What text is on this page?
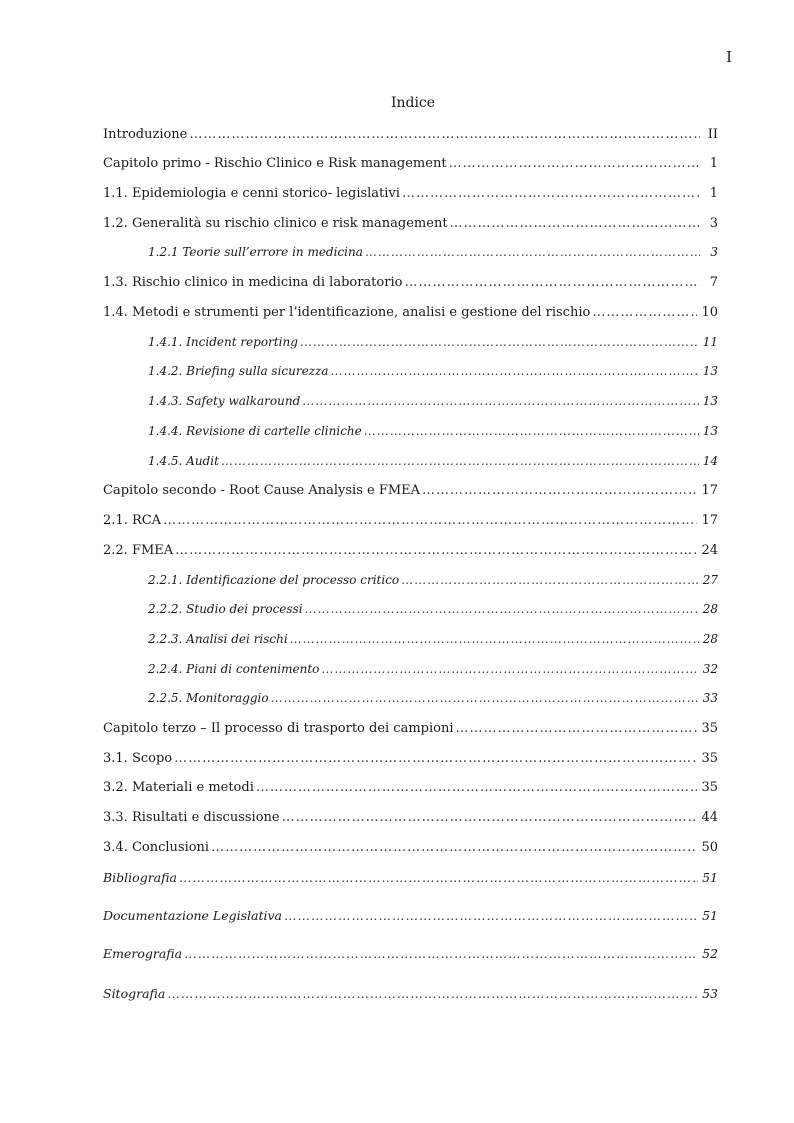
I
Indice
Introduzione …………………………………………………………………………………………………………………………………………………………………………………………	II
Capitolo primo - Rischio Clinico e Risk management …………………………………………………………………………………………………………………………………………………………………………………………	1
1.1. Epidemiologia e cenni storico- legislativi …………………………………………………………………………………………………………………………………………………………………………………………	1
1.2. Generalità su rischio clinico e risk management …………………………………………………………………………………………………………………………………………………………………………………………	3
1.2.1 Teorie sull’errore in medicina …………………………………………………………………………………………………………………………………………………………………………………………	3
1.3. Rischio clinico in medicina di laboratorio …………………………………………………………………………………………………………………………………………………………………………………………	7
1.4. Metodi e strumenti per l’identificazione, analisi e gestione del rischio …………………………………………………………………………………………………………………………………………………………………………………………	10
1.4.1. Incident reporting …………………………………………………………………………………………………………………………………………………………………………………………	11
1.4.2. Briefing sulla sicurezza …………………………………………………………………………………………………………………………………………………………………………………………	13
1.4.3. Safety walkaround …………………………………………………………………………………………………………………………………………………………………………………………	13
1.4.4. Revisione di cartelle cliniche …………………………………………………………………………………………………………………………………………………………………………………………	13
1.4.5. Audit …………………………………………………………………………………………………………………………………………………………………………………………	14
Capitolo secondo - Root Cause Analysis e FMEA …………………………………………………………………………………………………………………………………………………………………………………………	17
2.1. RCA …………………………………………………………………………………………………………………………………………………………………………………………	17
2.2. FMEA …………………………………………………………………………………………………………………………………………………………………………………………	24
2.2.1. Identificazione del processo critico …………………………………………………………………………………………………………………………………………………………………………………………	27
2.2.2. Studio dei processi …………………………………………………………………………………………………………………………………………………………………………………………	28
2.2.3. Analisi dei rischi …………………………………………………………………………………………………………………………………………………………………………………………	28
2.2.4. Piani di contenimento …………………………………………………………………………………………………………………………………………………………………………………………	32
2.2.5. Monitoraggio …………………………………………………………………………………………………………………………………………………………………………………………	33
Capitolo terzo – Il processo di trasporto dei campioni …………………………………………………………………………………………………………………………………………………………………………………………	35
3.1. Scopo …………………………………………………………………………………………………………………………………………………………………………………………	35
3.2. Materiali e metodi …………………………………………………………………………………………………………………………………………………………………………………………	35
3.3. Risultati e discussione …………………………………………………………………………………………………………………………………………………………………………………………	44
3.4. Conclusioni …………………………………………………………………………………………………………………………………………………………………………………………	50
Bibliografia …………………………………………………………………………………………………………………………………………………………………………………………	51
Documentazione Legislativa …………………………………………………………………………………………………………………………………………………………………………………………	51
Emerografia …………………………………………………………………………………………………………………………………………………………………………………………	52
Sitografia …………………………………………………………………………………………………………………………………………………………………………………………	53
